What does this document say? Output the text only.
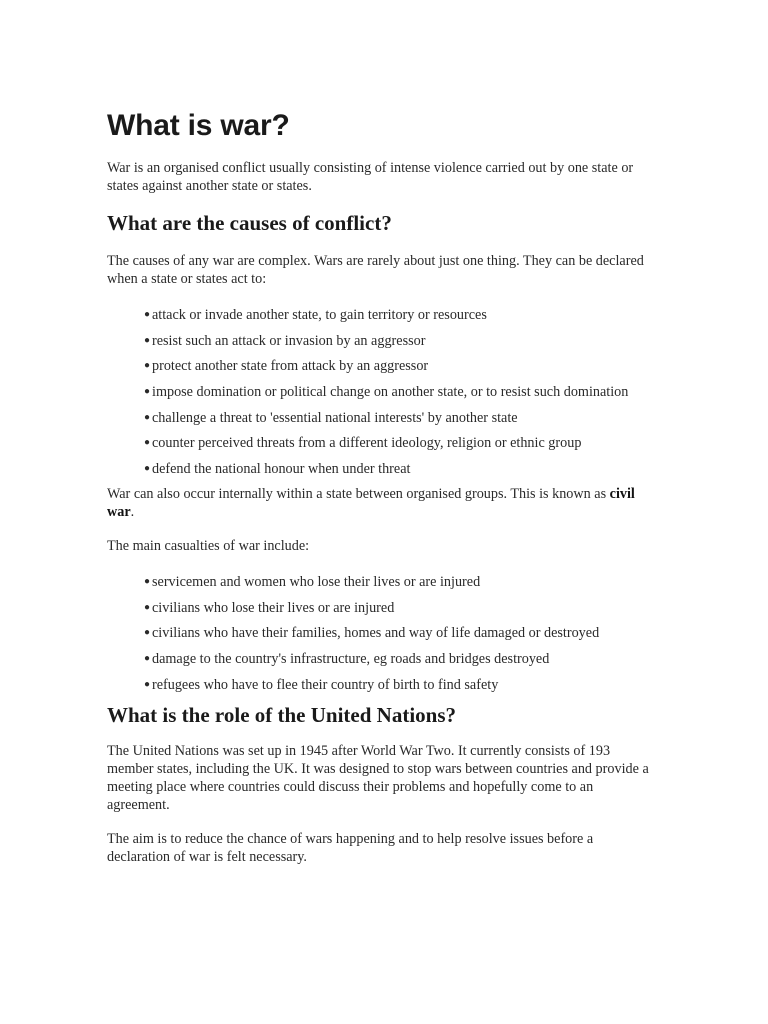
What is war?

War is an organised conflict usually consisting of intense violence carried out by one state or states against another state or states.

What are the causes of conflict?

The causes of any war are complex. Wars are rarely about just one thing. They can be declared when a state or states act to:

● attack or invade another state, to gain territory or resources
● resist such an attack or invasion by an aggressor
● protect another state from attack by an aggressor
● impose domination or political change on another state, or to resist such domination
● challenge a threat to 'essential national interests' by another state
● counter perceived threats from a different ideology, religion or ethnic group
● defend the national honour when under threat

War can also occur internally within a state between organised groups. This is known as civil war.

The main casualties of war include:

● servicemen and women who lose their lives or are injured
● civilians who lose their lives or are injured
● civilians who have their families, homes and way of life damaged or destroyed
● damage to the country's infrastructure, eg roads and bridges destroyed
● refugees who have to flee their country of birth to find safety
What is the role of the United Nations?

The United Nations was set up in 1945 after World War Two. It currently consists of 193 member states, including the UK. It was designed to stop wars between countries and provide a meeting place where countries could discuss their problems and hopefully come to an agreement.

The aim is to reduce the chance of wars happening and to help resolve issues before a declaration of war is felt necessary.
